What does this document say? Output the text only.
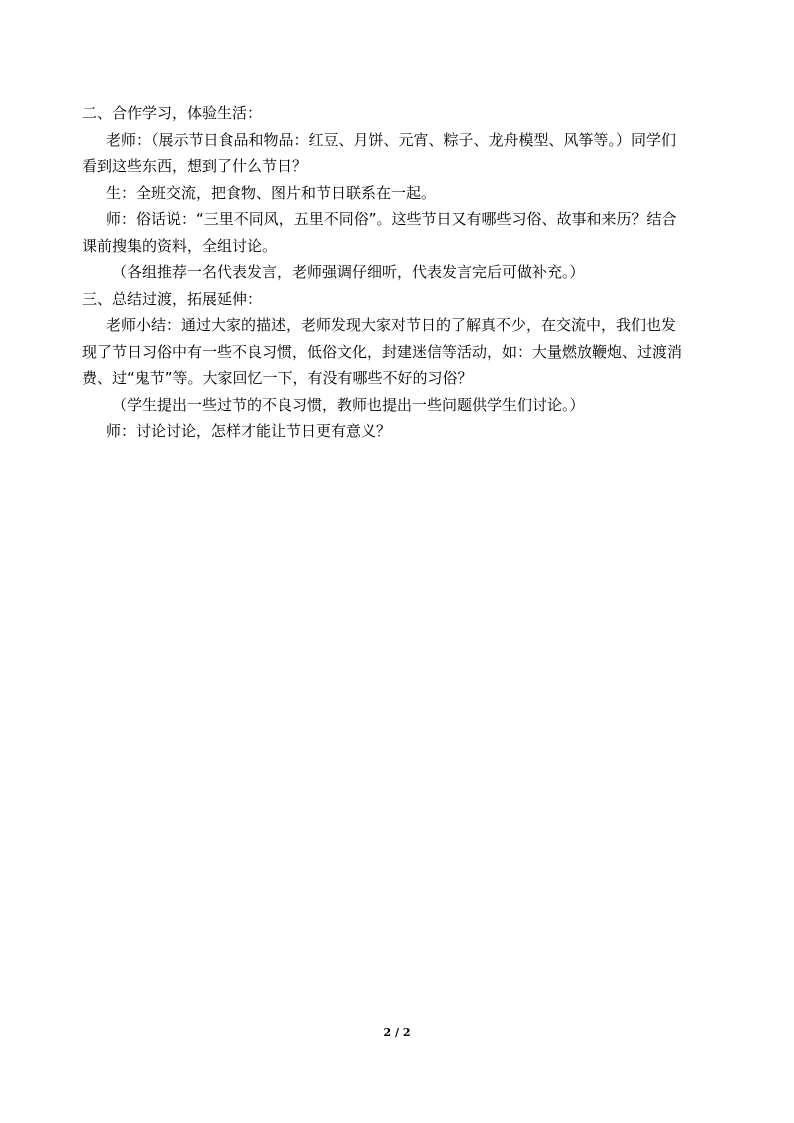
二、合作学习，体验生活：
老师：（展示节日食品和物品：红豆、月饼、元宵、粽子、龙舟模型、风筝等。）同学们
看到这些东西，想到了什么节日？
生：全班交流，把食物、图片和节日联系在一起。
师：俗话说：“三里不同风，五里不同俗”。这些节日又有哪些习俗、故事和来历？结合
课前搜集的资料，全组讨论。
（各组推荐一名代表发言，老师强调仔细听，代表发言完后可做补充。）
三、总结过渡，拓展延伸：
老师小结：通过大家的描述，老师发现大家对节日的了解真不少，在交流中，我们也发
现了节日习俗中有一些不良习惯，低俗文化，封建迷信等活动，如：大量燃放鞭炮、过渡消
费、过“鬼节”等。大家回忆一下，有没有哪些不好的习俗？
（学生提出一些过节的不良习惯，教师也提出一些问题供学生们讨论。）
师：讨论讨论，怎样才能让节日更有意义？
2 / 2
